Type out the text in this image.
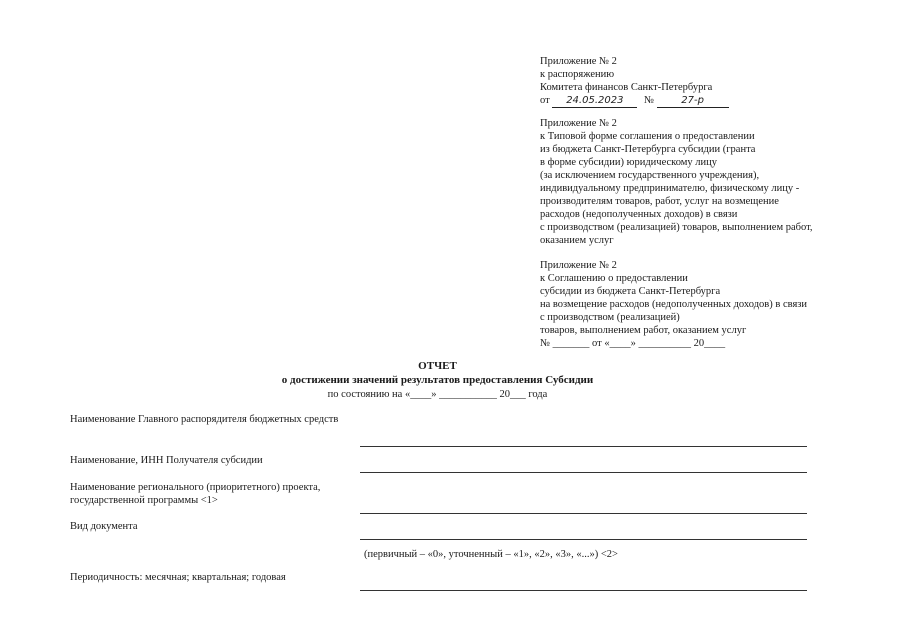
Приложение № 2
к распоряжению
Комитета финансов Санкт-Петербурга
от 24.05.2023 №	27-р
Приложение № 2
к Типовой форме соглашения о предоставлении
из бюджета Санкт-Петербурга субсидии (гранта
в форме субсидии) юридическому лицу
(за исключением государственного учреждения),
индивидуальному предпринимателю, физическому лицу -
производителям товаров, работ, услуг на возмещение
расходов (недополученных доходов) в связи
с производством (реализацией) товаров, выполнением работ,
оказанием услуг
Приложение № 2
к Соглашению о предоставлении
субсидии из бюджета Санкт-Петербурга
на возмещение расходов (недополученных доходов) в связи
с производством (реализацией)
товаров, выполнением работ, оказанием услуг
№ _______ от «____» __________ 20____
ОТЧЕТ
о достижении значений результатов предоставления Субсидии
по состоянию на «____» ___________ 20___ года
Наименование Главного распорядителя бюджетных средств
Наименование, ИНН Получателя субсидии
Наименование регионального (приоритетного) проекта, государственной программы <1>
Вид документа
(первичный – «0», уточненный – «1», «2», «3», «...») <2>
Периодичность: месячная; квартальная; годовая
